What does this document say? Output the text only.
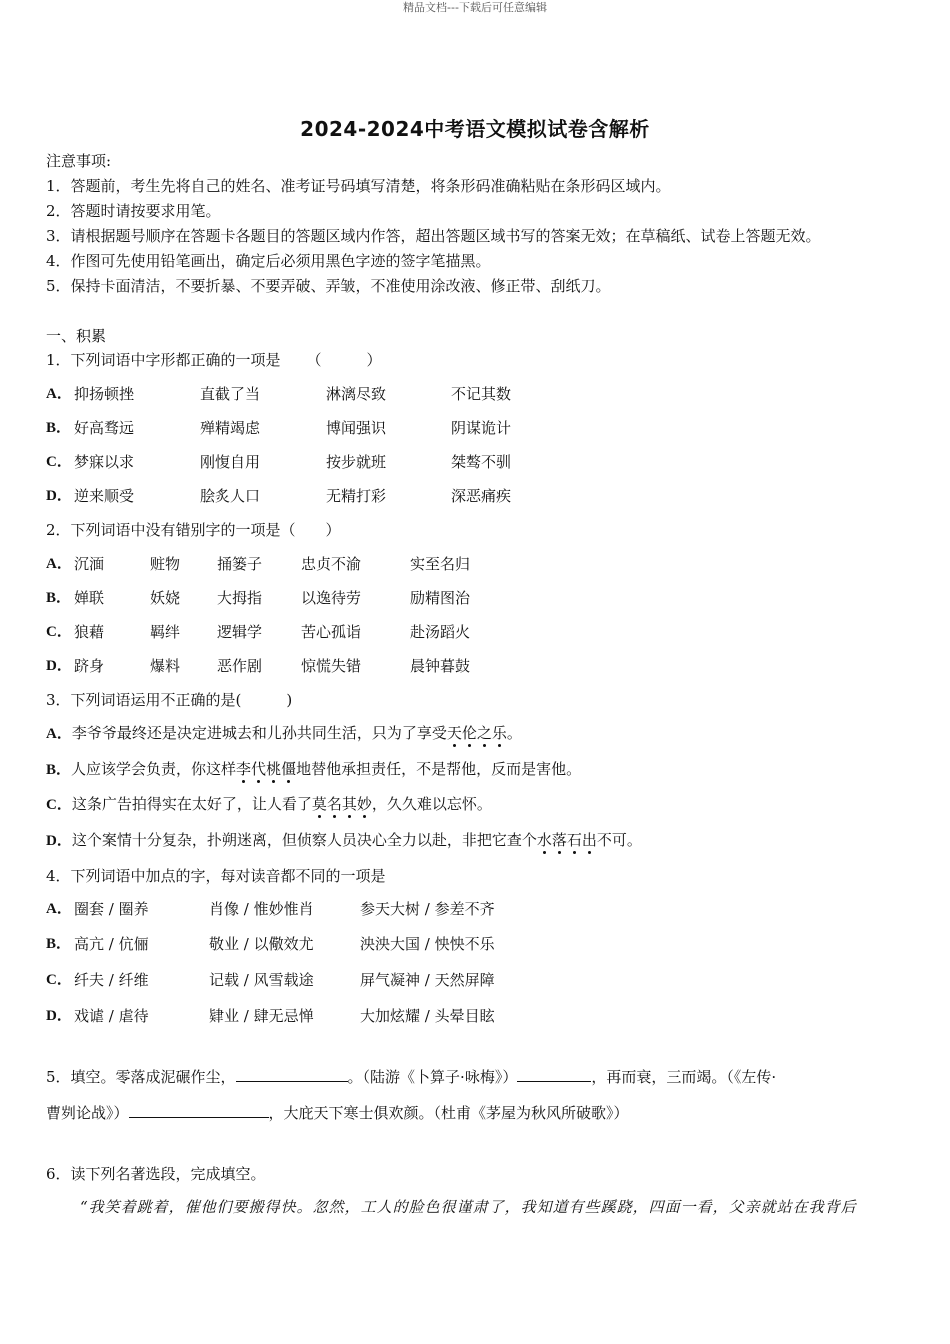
精品文档---下载后可任意编辑
2024-2024中考语文模拟试卷含解析
注意事项:
1．答题前，考生先将自己的姓名、准考证号码填写清楚，将条形码准确粘贴在条形码区域内。
2．答题时请按要求用笔。
3．请根据题号顺序在答题卡各题目的答题区域内作答，超出答题区域书写的答案无效；在草稿纸、试卷上答题无效。
4．作图可先使用铅笔画出，确定后必须用黑色字迹的签字笔描黑。
5．保持卡面清洁，不要折暴、不要弄破、弄皱，不准使用涂改液、修正带、刮纸刀。
一、积累
1．下列词语中字形都正确的一项是 （　　　）
A． 抑扬顿挫	直截了当	淋漓尽致	不记其数
B． 好高骛远	殚精竭虑	博闻强识	阴谋诡计
C． 梦寐以求	刚愎自用	按步就班	桀骜不驯
D． 逆来顺受	脍炙人口	无精打彩	深恶痛疾
2．下列词语中没有错别字的一项是（　　）
A． 沉湎	赃物 捅篓子	忠贞不渝	实至名归
B． 婵联	妖娆 大拇指	以逸待劳	励精图治
C． 狼藉	羁绊 逻辑学	苦心孤诣	赴汤蹈火
D． 跻身	爆料 恶作剧	惊慌失错	晨钟暮鼓
3．下列词语运用不正确的是(　　　)
A．李爷爷最终还是决定进城去和儿孙共同生活，只为了享受天伦之乐。
B．人应该学会负责，你这样李代桃僵地替他承担责任，不是帮他，反而是害他。
C．这条广告拍得实在太好了，让人看了莫名其妙，久久难以忘怀。
D．这个案情十分复杂，扑朔迷离，但侦察人员决心全力以赴，非把它查个水落石出不可。
4．下列词语中加点的字，每对读音都不同的一项是
A． 圈套 / 圈养	肖像 / 惟妙惟肖	参天大树 / 参差不齐
B． 高亢 / 伉俪	敬业 / 以儆效尤	泱泱大国 / 怏怏不乐
C． 纤夫 / 纤维	记载 / 风雪载途	屏气凝神 / 天然屏障
D． 戏谑 / 虐待	肄业 / 肆无忌惮	大加炫耀 / 头晕目眩
5．填空。零落成泥碾作尘，	。（陆游《卜算子·咏梅》）	，再而衰，三而竭。（《左传·
曹刿论战》）	，大庇天下寒士俱欢颜。（杜甫《茅屋为秋风所破歌》）
6．读下列名著选段，完成填空。
“我笑着跳着，催他们要搬得快。忽然，工人的脸色很谨肃了，我知道有些蹊跷，四面一看，父亲就站在我背后
